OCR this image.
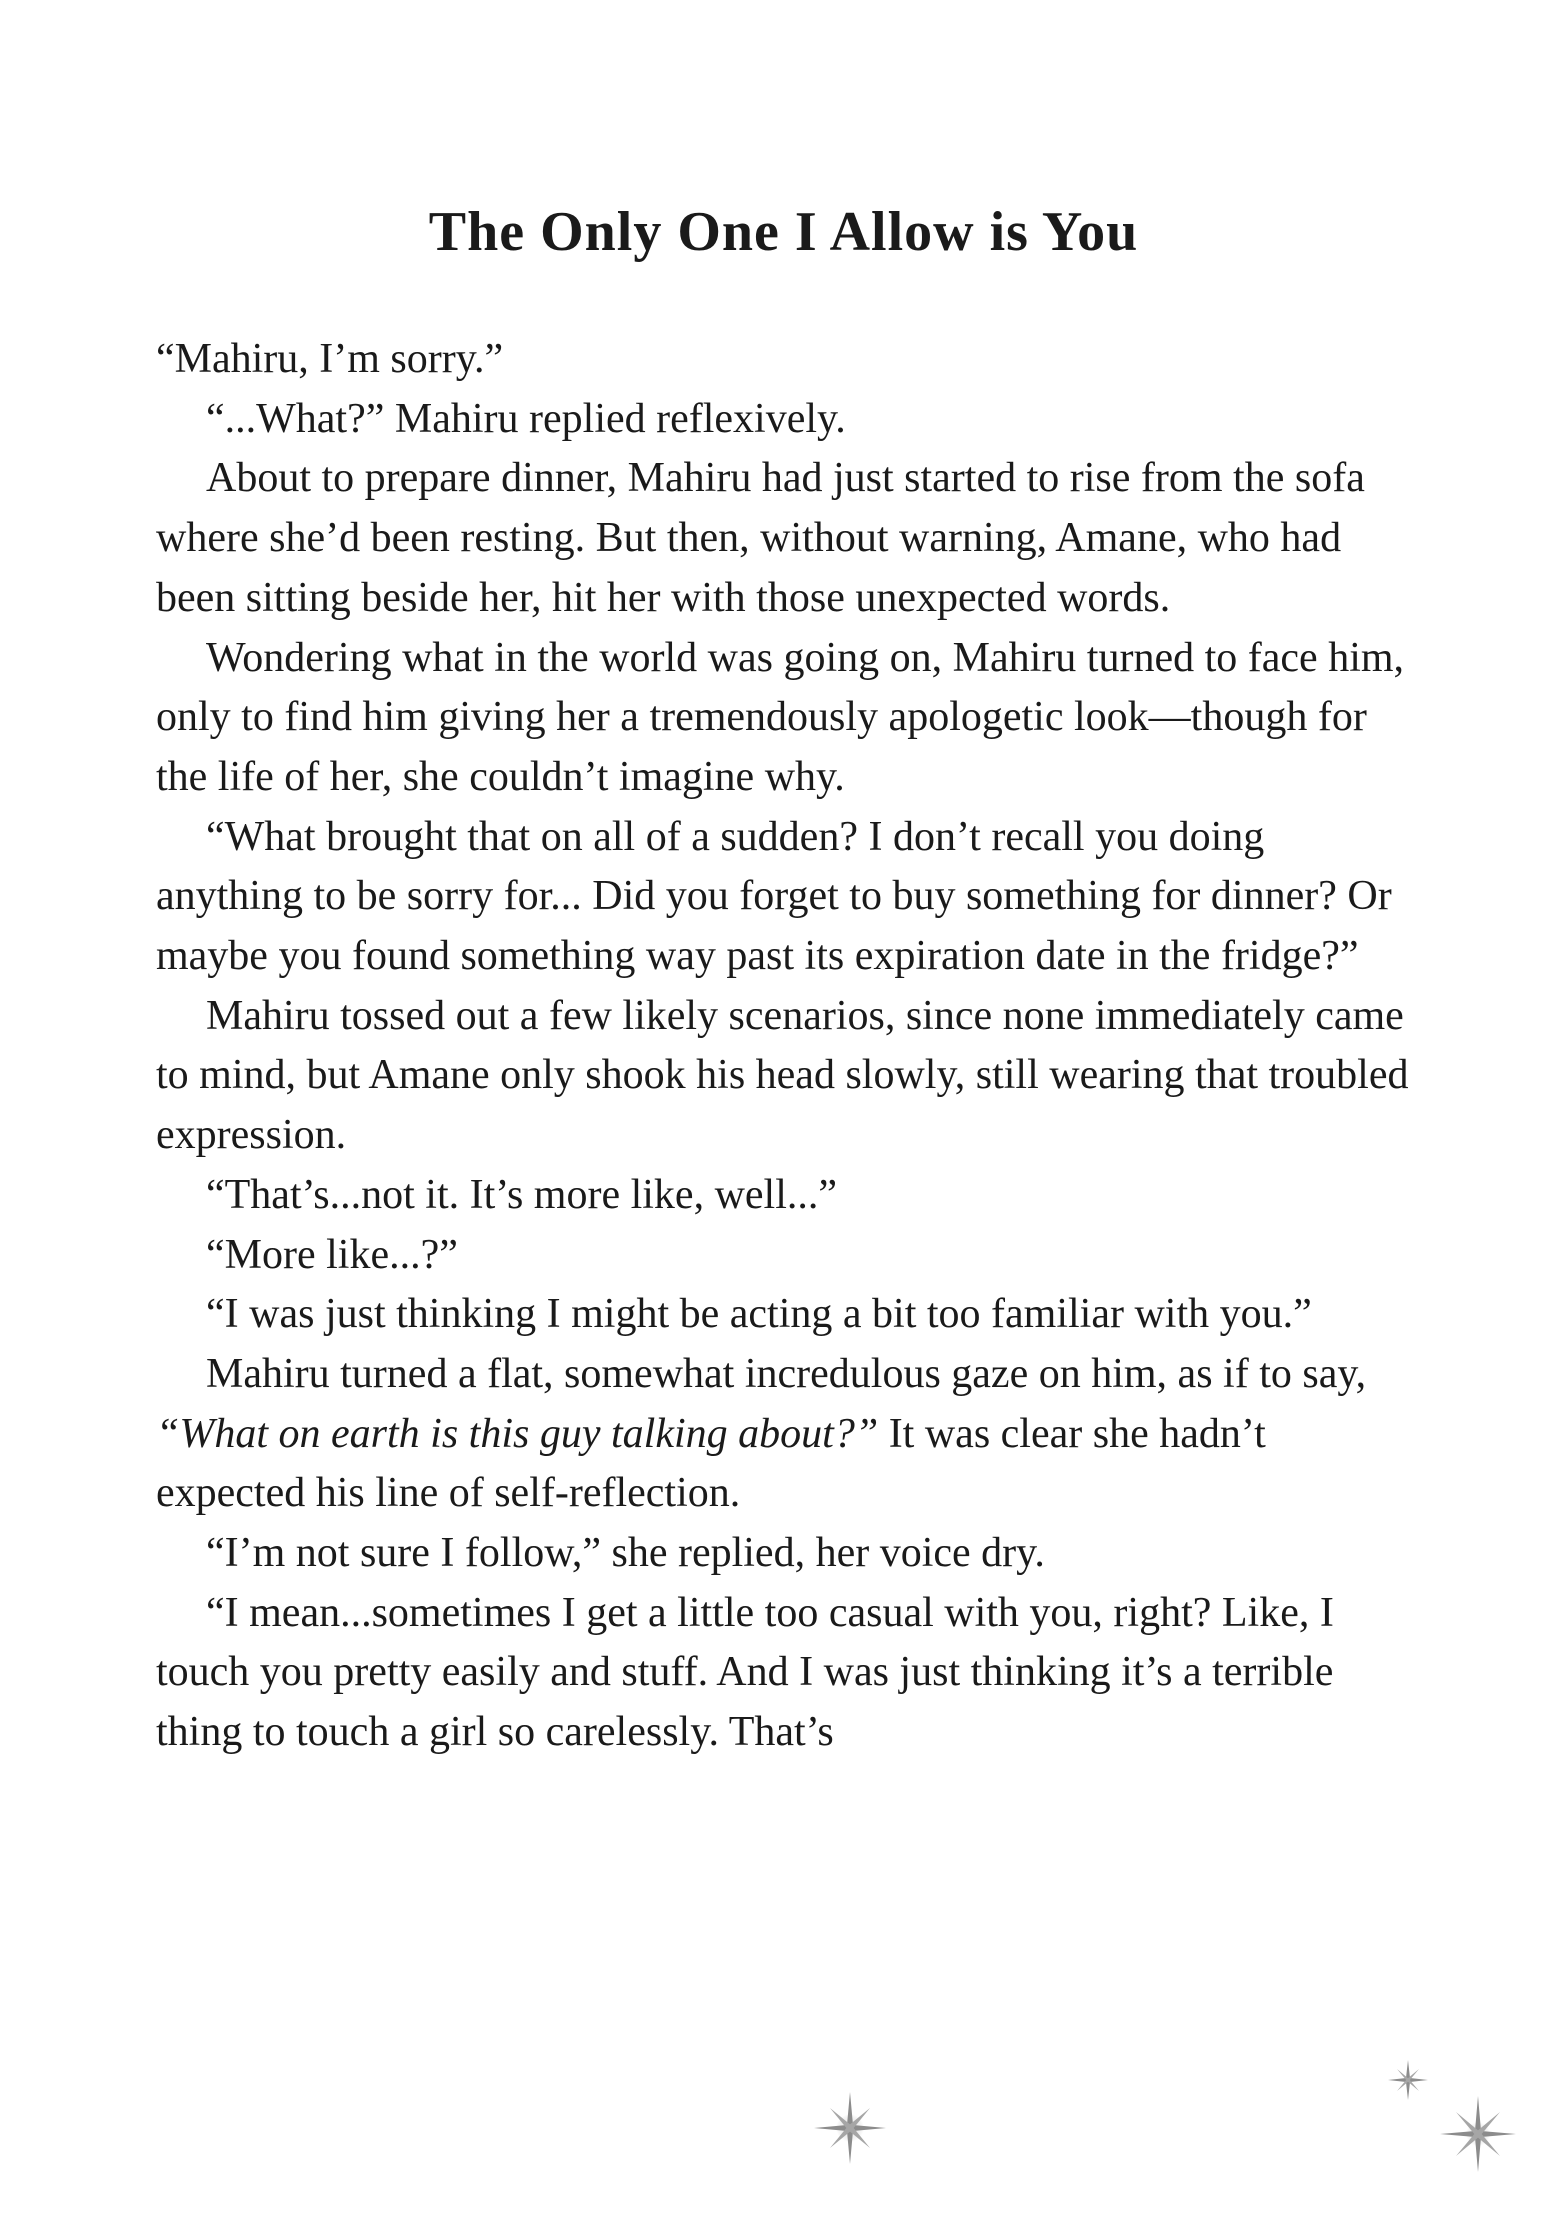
The Only One I Allow is You

“Mahiru, I’m sorry.”

“...What?” Mahiru replied reflexively.

About to prepare dinner, Mahiru had just started to rise from the sofa where she’d been resting. But then, without warning, Amane, who had been sitting beside her, hit her with those unexpected words.

Wondering what in the world was going on, Mahiru turned to face him, only to find him giving her a tremendously apologetic look—though for the life of her, she couldn’t imagine why.

“What brought that on all of a sudden? I don’t recall you doing anything to be sorry for... Did you forget to buy something for dinner? Or maybe you found something way past its expiration date in the fridge?”

Mahiru tossed out a few likely scenarios, since none immediately came to mind, but Amane only shook his head slowly, still wearing that troubled expression.

“That’s...not it. It’s more like, well...”

“More like...?”

“I was just thinking I might be acting a bit too familiar with you.”

Mahiru turned a flat, somewhat incredulous gaze on him, as if to say, “What on earth is this guy talking about?” It was clear she hadn’t expected his line of self-reflection.

“I’m not sure I follow,” she replied, her voice dry.

“I mean...sometimes I get a little too casual with you, right? Like, I touch you pretty easily and stuff. And I was just thinking it’s a terrible thing to touch a girl so carelessly. That’s
